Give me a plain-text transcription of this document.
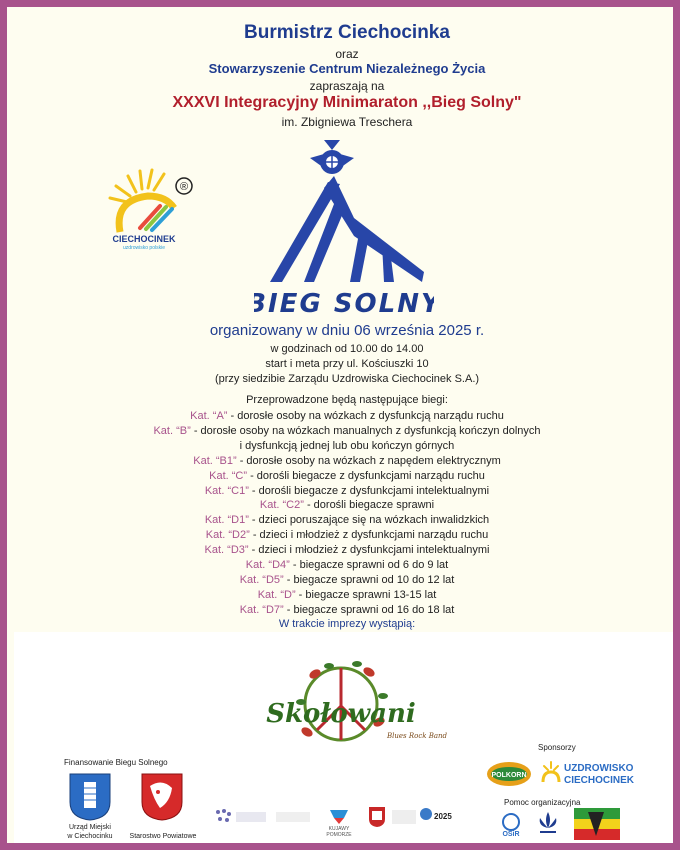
Burmistrz Ciechocinka
oraz
Stowarzyszenie Centrum Niezależnego Życia
zapraszają na
XXXVI Integracyjny Minimaraton ,,Bieg Solny"
im. Zbigniewa Treschera
®
CIECHOCINEK
uzdrowisko polskie
BIEG SOLNY
organizowany w dniu 06 września 2025 r.
w godzinach od 10.00 do 14.00
start i meta przy ul. Kościuszki 10
(przy siedzibie Zarządu Uzdrowiska Ciechocinek S.A.)
Przeprowadzone będą następujące biegi:
Kat. “A” - dorosłe osoby na wózkach z dysfunkcją narządu ruchu
Kat. “B” - dorosłe osoby na wózkach manualnych z dysfunkcją kończyn dolnych
i dysfunkcją jednej lub obu kończyn górnych
Kat. “B1” - dorosłe osoby na wózkach z napędem elektrycznym
Kat. “C” - dorośli biegacze z dysfunkcjami narządu ruchu
Kat. “C1” - dorośli biegacze z dysfunkcjami intelektualnymi
Kat. “C2” - dorośli biegacze sprawni
Kat. “D1” - dzieci poruszające się na wózkach inwalidzkich
Kat. “D2” - dzieci i młodzież z dysfunkcjami narządu ruchu
Kat. “D3” - dzieci i młodzież z dysfunkcjami intelektualnymi
Kat. “D4” - biegacze sprawni od 6 do 9 lat
Kat. “D5” - biegacze sprawni od 10 do 12 lat
Kat. “D” - biegacze sprawni 13-15 lat
Kat. “D7” - biegacze sprawni od 16 do 18 lat
W trakcie imprezy wystąpią:
Skołowani
Blues Rock Band
Finansowanie Biegu Solnego
Urząd Miejski
w Ciechocinku	Starostwo Powiatowe
KUJAWY POMORZE
2025
Sponsorzy
POLKORN
UZDROWISKO
CIECHOCINEK
Pomoc organizacyjna
OSiR
